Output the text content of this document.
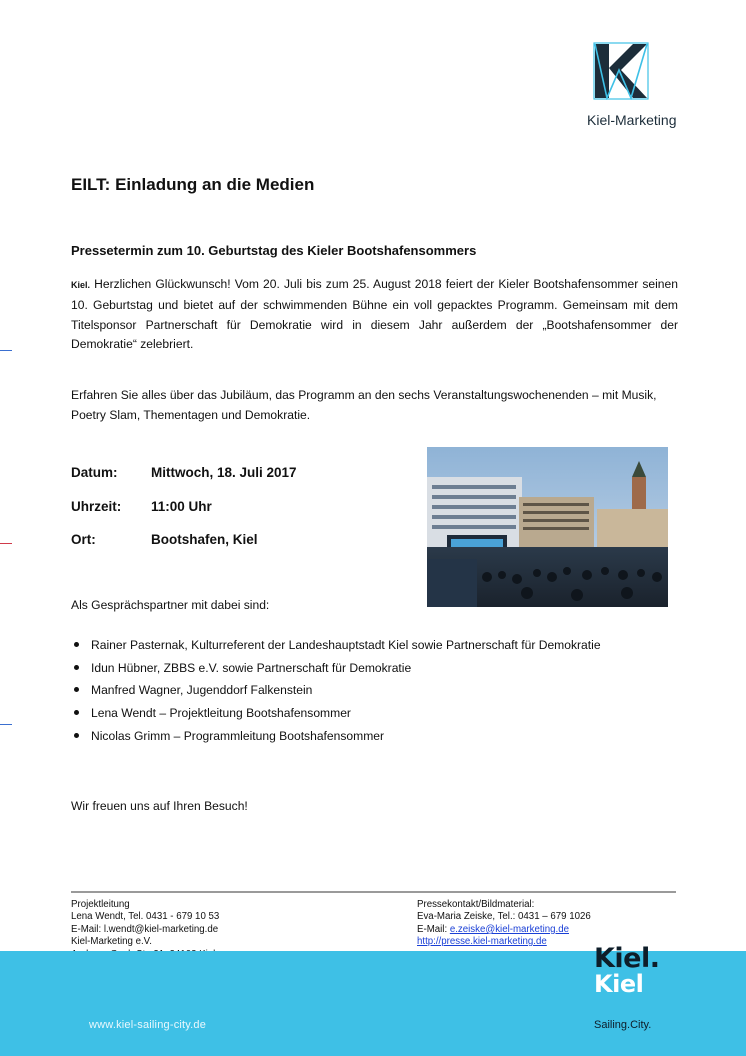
Kiel-Marketing
EILT: Einladung an die Medien
Pressetermin zum 10. Geburtstag des Kieler Bootshafensommers
Kiel. Herzlichen Glückwunsch! Vom 20. Juli bis zum 25. August 2018 feiert der Kieler Bootshafensommer seinen 10. Geburtstag und bietet auf der schwimmenden Bühne ein voll gepacktes Programm. Gemeinsam mit dem Titelsponsor Partnerschaft für Demokratie wird in diesem Jahr außerdem der „Bootshafensommer der Demokratie“ zelebriert.
Erfahren Sie alles über das Jubiläum, das Programm an den sechs Veranstaltungswochenenden – mit Musik, Poetry Slam, Thementagen und Demokratie.
Datum: Mittwoch, 18. Juli 2017
Uhrzeit: 11:00 Uhr
Ort:	Bootshafen, Kiel
Als Gesprächspartner mit dabei sind:
Rainer Pasternak, Kulturreferent der Landeshauptstadt Kiel sowie Partnerschaft für Demokratie
Idun Hübner, ZBBS e.V. sowie Partnerschaft für Demokratie
Manfred Wagner, Jugenddorf Falkenstein
Lena Wendt – Projektleitung Bootshafensommer
Nicolas Grimm – Programmleitung Bootshafensommer
Wir freuen uns auf Ihren Besuch!
Projektleitung
Lena Wendt, Tel. 0431 - 679 10 53
E-Mail: l.wendt@kiel-marketing.de
Kiel-Marketing e.V.
Pressekontakt/Bildmaterial:
Eva-Maria Zeiske, Tel.: 0431 – 679 1026
E-Mail: e.zeiske@kiel-marketing.de
http://presse.kiel-marketing.de
www.kiel-sailing-city.de
Kiel.
Kiel
Sailing.City.
